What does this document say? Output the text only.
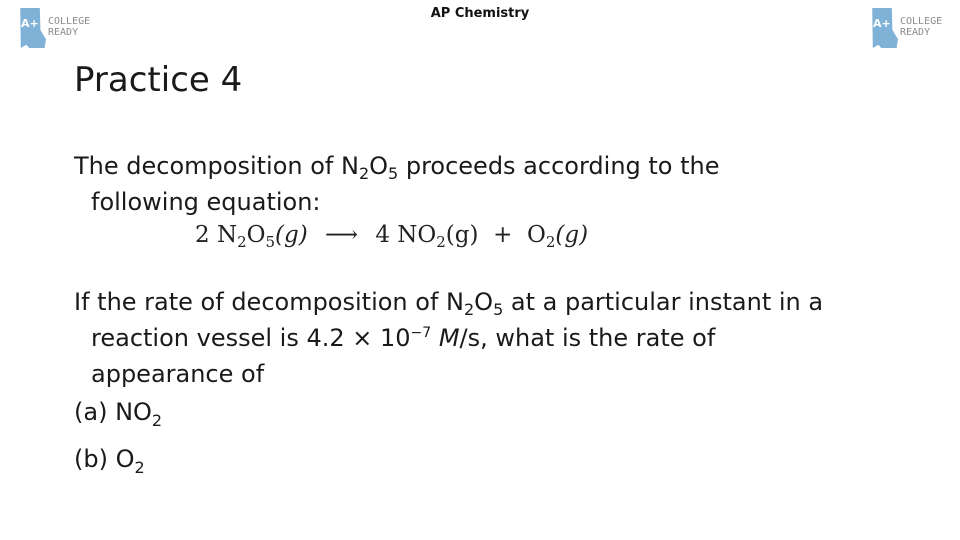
AP Chemistry
A+ COLLEGE
READY
A+ COLLEGE
READY
Practice 4
The decomposition of $N_2O_5$ proceeds according to the
following equation:
2 $N_2O_5(g)$ ⟶ 4 $NO_2(g) + O_2(g)$
If the rate of decomposition of $N_2O_5$ at a particular instant in a
reaction vessel is $4.2 \times 10^{-7}$ M/s, what is the rate of
appearance of
(a) $NO_2$
(b) $O_2$
